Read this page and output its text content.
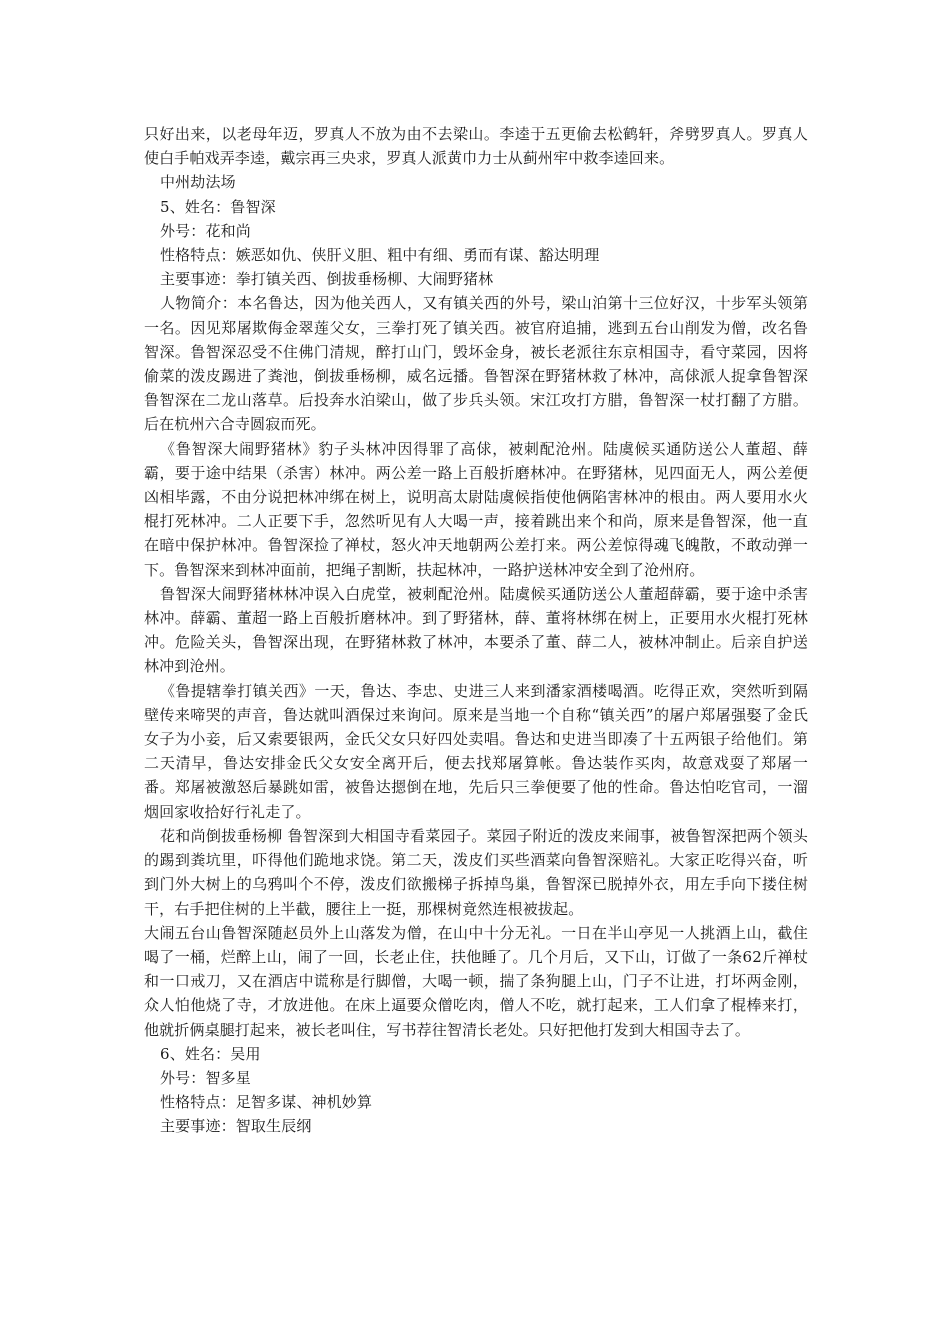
只好出来，以老母年迈，罗真人不放为由不去梁山。李逵于五更偷去松鹤轩，斧劈罗真人。罗真人使白手帕戏弄李逵，戴宗再三央求，罗真人派黄巾力士从蓟州牢中救李逵回来。

中州劫法场

5、姓名：鲁智深

外号：花和尚

性格特点：嫉恶如仇、侠肝义胆、粗中有细、勇而有谋、豁达明理

主要事迹：拳打镇关西、倒拔垂杨柳、大闹野猪林

人物简介：本名鲁达，因为他关西人，又有镇关西的外号，梁山泊第十三位好汉，十步军头领第一名。因见郑屠欺侮金翠莲父女，三拳打死了镇关西。被官府追捕，逃到五台山削发为僧，改名鲁智深。鲁智深忍受不住佛门清规，醉打山门，毁坏金身，被长老派往东京相国寺，看守菜园，因将偷菜的泼皮踢进了粪池，倒拔垂杨柳，威名远播。鲁智深在野猪林救了林冲，高俅派人捉拿鲁智深鲁智深在二龙山落草。后投奔水泊梁山，做了步兵头领。宋江攻打方腊，鲁智深一杖打翻了方腊。后在杭州六合寺圆寂而死。

《鲁智深大闹野猪林》豹子头林冲因得罪了高俅，被刺配沧州。陆虞候买通防送公人董超、薛霸，要于途中结果（杀害）林冲。两公差一路上百般折磨林冲。在野猪林，见四面无人，两公差便凶相毕露，不由分说把林冲绑在树上，说明高太尉陆虞候指使他俩陷害林冲的根由。两人要用水火棍打死林冲。二人正要下手，忽然听见有人大喝一声，接着跳出来个和尚，原来是鲁智深，他一直在暗中保护林冲。鲁智深捡了禅杖，怒火冲天地朝两公差打来。两公差惊得魂飞魄散，不敢动弹一下。鲁智深来到林冲面前，把绳子割断，扶起林冲，一路护送林冲安全到了沧州府。

鲁智深大闹野猪林林冲误入白虎堂，被刺配沧州。陆虞候买通防送公人董超薛霸，要于途中杀害林冲。薛霸、董超一路上百般折磨林冲。到了野猪林，薛、董将林绑在树上，正要用水火棍打死林冲。危险关头，鲁智深出现，在野猪林救了林冲，本要杀了董、薛二人，被林冲制止。后亲自护送林冲到沧州。

《鲁提辖拳打镇关西》一天，鲁达、李忠、史进三人来到潘家酒楼喝酒。吃得正欢，突然听到隔壁传来啼哭的声音，鲁达就叫酒保过来询问。原来是当地一个自称“镇关西”的屠户郑屠强娶了金氏女子为小妾，后又索要银两，金氏父女只好四处卖唱。鲁达和史进当即凑了十五两银子给他们。第二天清早，鲁达安排金氏父女安全离开后，便去找郑屠算帐。鲁达装作买肉，故意戏耍了郑屠一番。郑屠被激怒后暴跳如雷，被鲁达摁倒在地，先后只三拳便要了他的性命。鲁达怕吃官司，一溜烟回家收拾好行礼走了。

花和尚倒拔垂杨柳 鲁智深到大相国寺看菜园子。菜园子附近的泼皮来闹事，被鲁智深把两个领头的踢到粪坑里，吓得他们跪地求饶。第二天，泼皮们买些酒菜向鲁智深赔礼。大家正吃得兴奋，听到门外大树上的乌鸦叫个不停，泼皮们欲搬梯子拆掉鸟巢，鲁智深已脱掉外衣，用左手向下搂住树干，右手把住树的上半截，腰往上一挺，那棵树竟然连根被拔起。

大闹五台山鲁智深随赵员外上山落发为僧，在山中十分无礼。一日在半山亭见一人挑酒上山，截住喝了一桶，烂醉上山，闹了一回，长老止住，扶他睡了。几个月后，又下山，订做了一条62斤禅杖和一口戒刀，又在酒店中谎称是行脚僧，大喝一顿，揣了条狗腿上山，门子不让进，打坏两金刚，众人怕他烧了寺，才放进他。在床上逼要众僧吃肉，僧人不吃，就打起来，工人们拿了棍棒来打，他就折俩桌腿打起来，被长老叫住，写书荐往智清长老处。只好把他打发到大相国寺去了。

6、姓名：吴用

外号：智多星

性格特点：足智多谋、神机妙算

主要事迹：智取生辰纲
